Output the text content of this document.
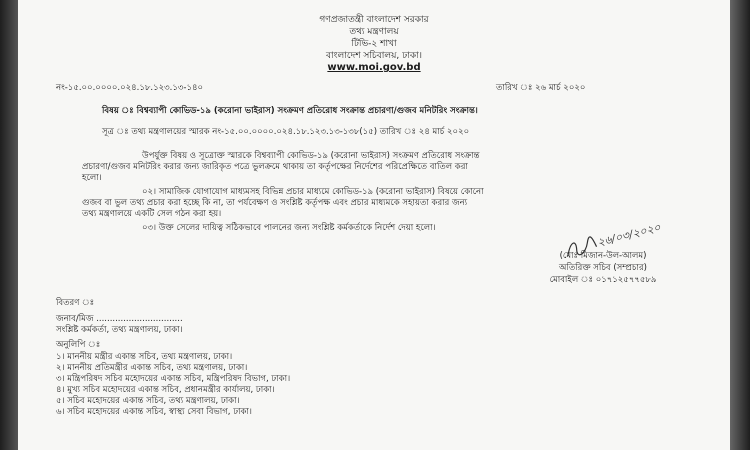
গণপ্রজাতন্ত্রী বাংলাদেশ সরকার
তথ্য মন্ত্রণালয়
টিভি-২ শাখা
বাংলাদেশ সচিবালয়, ঢাকা।
www.moi.gov.bd
নং-১৫.০০.০০০০.০২৪.১৮.১২৩.১৩-১৪০	তারিখ ঃ ২৬ মার্চ ২০২০
বিষয় ঃ বিশ্বব্যাপী কোভিড-১৯ (করোনা ভাইরাস) সংক্রমণ প্রতিরোধ সংক্রান্ত প্রচারণা/গুজব মনিটরিং সংক্রান্ত।
সূত্র ঃ তথ্য মন্ত্রণালয়ের স্মারক নং-১৫.০০.০০০০.০২৪.১৮.১২৩.১৩-১৩৮(১৫) তারিখ ঃ ২৪ মার্চ ২০২০
উপর্যুক্ত বিষয় ও সূত্রোক্ত স্মারকে বিশ্বব্যাপী কোভিড-১৯ (করোনা ভাইরাস) সংক্রমণ প্রতিরোধ সংক্রান্ত
প্রচারণা/গুজব মনিটরিং করার জন্য জারিকৃত পত্রে ভুলক্রমে থাকায় তা কর্তৃপক্ষের নির্দেশের পরিপ্রেক্ষিতে বাতিল করা
হলো।
০২। সামাজিক যোগাযোগ মাধ্যমসহ বিভিন্ন প্রচার মাধ্যমে কোভিড-১৯ (করোনা ভাইরাস) বিষয়ে কোনো
গুজব বা ভুল তথ্য প্রচার করা হচ্ছে কি না, তা পর্যবেক্ষণ ও সংশ্লিষ্ট কর্তৃপক্ষ এবং প্রচার মাধ্যমকে সহায়তা করার জন্য
তথ্য মন্ত্রণালয়ে একটি সেল গঠন করা হয়।
০৩। উক্ত সেলের দায়িত্ব সঠিকভাবে পালনের জন্য সংশ্লিষ্ট কর্মকর্তাকে নির্দেশ দেয়া হলো।	২৬/০৩/২০২০
(মোঃ মিজান-উল-আলম)
অতিরিক্ত সচিব (সম্প্রচার)
মোবাইল ঃ ০১৭১২৫৭৭৫৮৯
বিতরণ ঃ
জনাব/মিজ ................................
সংশ্লিষ্ট কর্মকর্তা, তথ্য মন্ত্রণালয়, ঢাকা।
অনুলিপি ঃ
১। মাননীয় মন্ত্রীর একান্ত সচিব, তথ্য মন্ত্রণালয়, ঢাকা।
২। মাননীয় প্রতিমন্ত্রীর একান্ত সচিব, তথ্য মন্ত্রণালয়, ঢাকা।
৩। মন্ত্রিপরিষদ সচিব মহোদয়ের একান্ত সচিব, মন্ত্রিপরিষদ বিভাগ, ঢাকা।
৪। মুখ্য সচিব মহোদয়ের একান্ত সচিব, প্রধানমন্ত্রীর কার্যালয়, ঢাকা।
৫। সচিব মহোদয়ের একান্ত সচিব, তথ্য মন্ত্রণালয়, ঢাকা।
৬। সচিব মহোদয়ের একান্ত সচিব, স্বাস্থ্য সেবা বিভাগ, ঢাকা।
